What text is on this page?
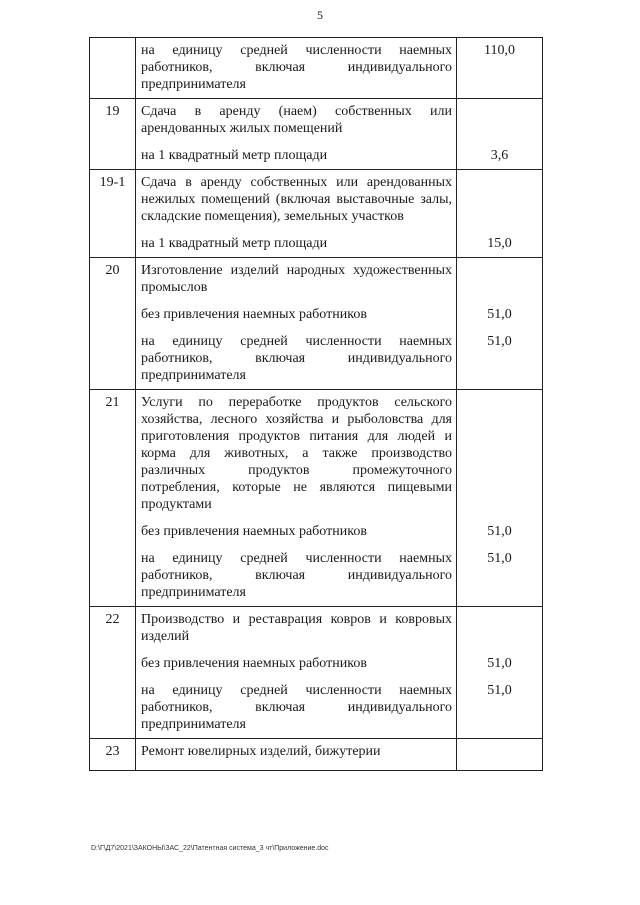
5

	на единицу средней численности наемных работников, включая индивидуального предпринимателя	110,0

19	Сдача в аренду (наем) собственных или арендованных жилых помещений	

	на 1 квадратный метр площади	3,6

19-1	Сдача в аренду собственных или арендованных нежилых помещений (включая выставочные залы, складские помещения), земельных участков	

	на 1 квадратный метр площади	15,0

20	Изготовление изделий народных художественных промыслов	

	без привлечения наемных работников	51,0

	на единицу средней численности наемных работников, включая индивидуального предпринимателя	51,0

21	Услуги по переработке продуктов сельского хозяйства, лесного хозяйства и рыболовства для приготовления продуктов питания для людей и корма для животных, а также производство различных продуктов промежуточного потребления, которые не являются пищевыми продуктами	

	без привлечения наемных работников	51,0

	на единицу средней численности наемных работников, включая индивидуального предпринимателя	51,0

22	Производство и реставрация ковров и ковровых изделий	

	без привлечения наемных работников	51,0

	на единицу средней численности наемных работников, включая индивидуального предпринимателя	51,0

23	Ремонт ювелирных изделий, бижутерии	

D:\Г\Д7\2021\ЗАКОНЫ\ЗАС_22\Патентная система_3 чт\Приложение.doc
